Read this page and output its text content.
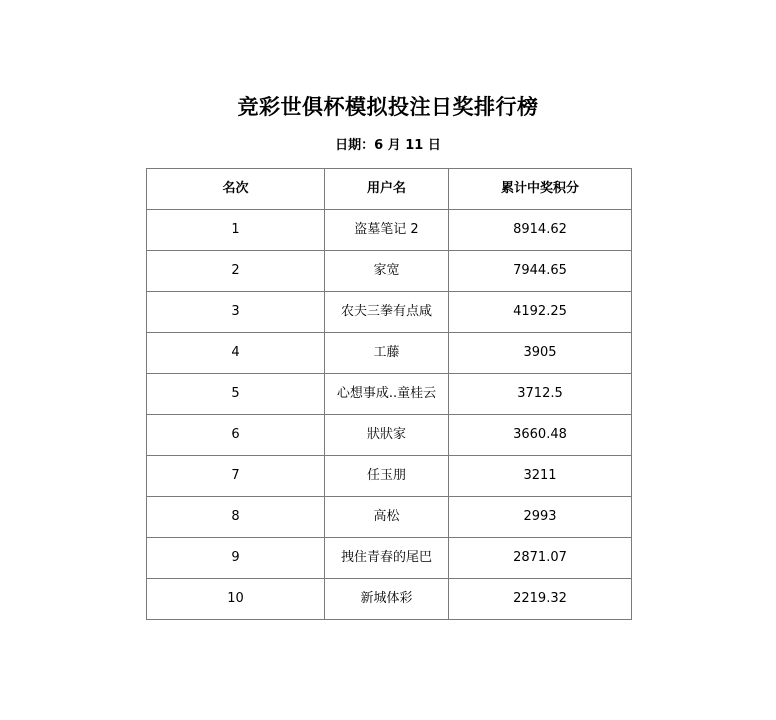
竞彩世俱杯模拟投注日奖排行榜
日期：6 月 11 日
名次	用户名	累计中奖积分
1	盗墓笔记 2	8914.62
2	家宽	7944.65
3	农夫三拳有点咸	4192.25
4	工藤	3905
5	心想事成..童桂云	3712.5
6	狀狀家	3660.48
7	任玉朋	3211
8	高松	2993
9	拽住青春的尾巴	2871.07
10	新城体彩	2219.32
